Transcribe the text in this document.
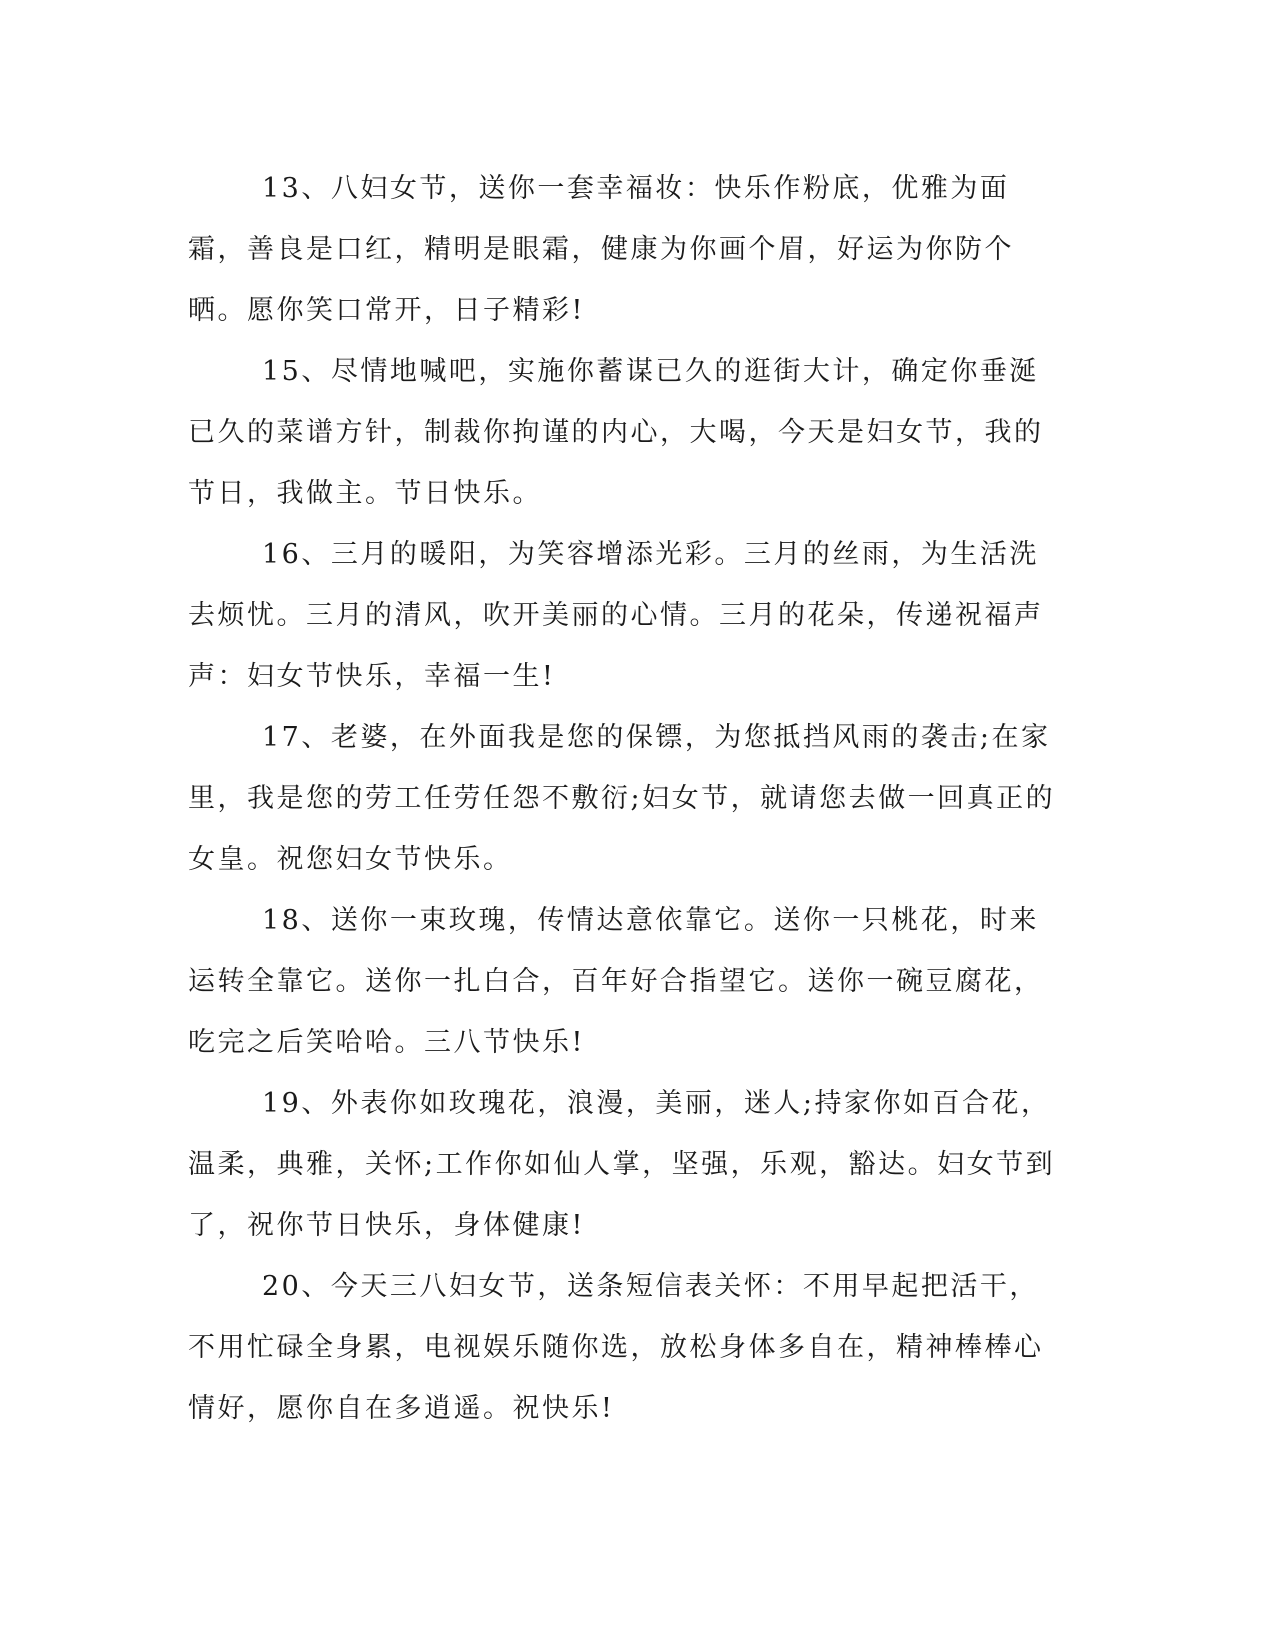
13、八妇女节，送你一套幸福妆：快乐作粉底，优雅为面霜，善良是口红，精明是眼霜，健康为你画个眉，好运为你防个晒。愿你笑口常开，日子精彩!

15、尽情地喊吧，实施你蓄谋已久的逛街大计，确定你垂涎已久的菜谱方针，制裁你拘谨的内心，大喝，今天是妇女节，我的节日，我做主。节日快乐。

16、三月的暖阳，为笑容增添光彩。三月的丝雨，为生活洗去烦忧。三月的清风，吹开美丽的心情。三月的花朵，传递祝福声声：妇女节快乐，幸福一生!

17、老婆，在外面我是您的保镖，为您抵挡风雨的袭击;在家里，我是您的劳工任劳任怨不敷衍;妇女节，就请您去做一回真正的女皇。祝您妇女节快乐。

18、送你一束玫瑰，传情达意依靠它。送你一只桃花，时来运转全靠它。送你一扎白合，百年好合指望它。送你一碗豆腐花，吃完之后笑哈哈。三八节快乐!

19、外表你如玫瑰花，浪漫，美丽，迷人;持家你如百合花，温柔，典雅，关怀;工作你如仙人掌，坚强，乐观，豁达。妇女节到了，祝你节日快乐，身体健康!

20、今天三八妇女节，送条短信表关怀：不用早起把活干，不用忙碌全身累，电视娱乐随你选，放松身体多自在，精神棒棒心情好，愿你自在多逍遥。祝快乐!
